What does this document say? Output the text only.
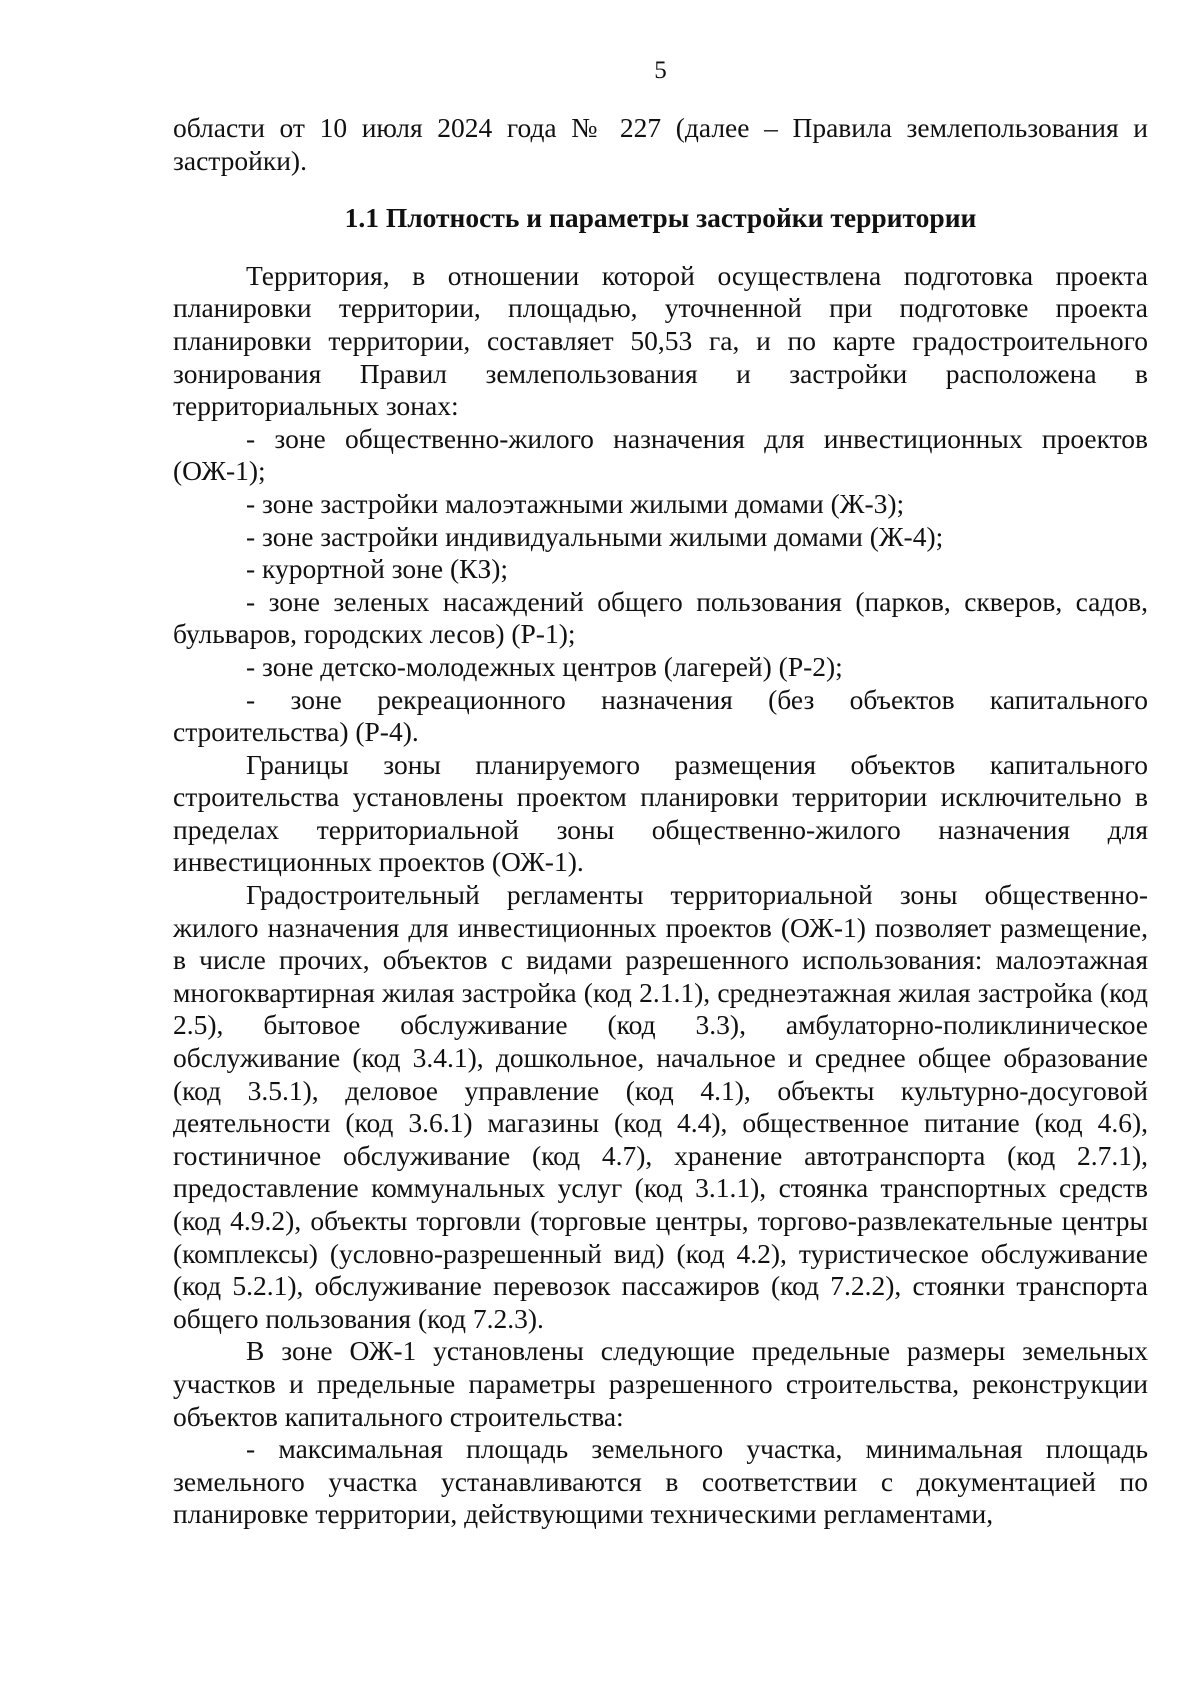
5

области от 10 июля 2024 года № 227 (далее – Правила землепользования и застройки).

1.1 Плотность и параметры застройки территории

Территория, в отношении которой осуществлена подготовка проекта планировки территории, площадью, уточненной при подготовке проекта планировки территории, составляет 50,53 га, и по карте градостроительного зонирования Правил землепользования и застройки расположена в территориальных зонах:

- зоне общественно-жилого назначения для инвестиционных проектов (ОЖ-1);

- зоне застройки малоэтажными жилыми домами (Ж-3);

- зоне застройки индивидуальными жилыми домами (Ж-4);

- курортной зоне (КЗ);

- зоне зеленых насаждений общего пользования (парков, скверов, садов, бульваров, городских лесов) (Р-1);

- зоне детско-молодежных центров (лагерей) (Р-2);

- зоне рекреационного назначения (без объектов капитального строительства) (Р-4).

Границы зоны планируемого размещения объектов капитального строительства установлены проектом планировки территории исключительно в пределах территориальной зоны общественно-жилого назначения для инвестиционных проектов (ОЖ-1).

Градостроительный регламенты территориальной зоны общественно-жилого назначения для инвестиционных проектов (ОЖ-1) позволяет размещение, в числе прочих, объектов с видами разрешенного использования: малоэтажная многоквартирная жилая застройка (код 2.1.1), среднеэтажная жилая застройка (код 2.5), бытовое обслуживание (код 3.3), амбулаторно-поликлиническое обслуживание (код 3.4.1), дошкольное, начальное и среднее общее образование (код 3.5.1), деловое управление (код 4.1), объекты культурно-досуговой деятельности (код 3.6.1) магазины (код 4.4), общественное питание (код 4.6), гостиничное обслуживание (код 4.7), хранение автотранспорта (код 2.7.1), предоставление коммунальных услуг (код 3.1.1), стоянка транспортных средств (код 4.9.2), объекты торговли (торговые центры, торгово-развлекательные центры (комплексы) (условно-разрешенный вид) (код 4.2), туристическое обслуживание (код 5.2.1), обслуживание перевозок пассажиров (код 7.2.2), стоянки транспорта общего пользования (код 7.2.3).

В зоне ОЖ-1 установлены следующие предельные размеры земельных участков и предельные параметры разрешенного строительства, реконструкции объектов капитального строительства:

- максимальная площадь земельного участка, минимальная площадь земельного участка устанавливаются в соответствии с документацией по планировке территории, действующими техническими регламентами,
